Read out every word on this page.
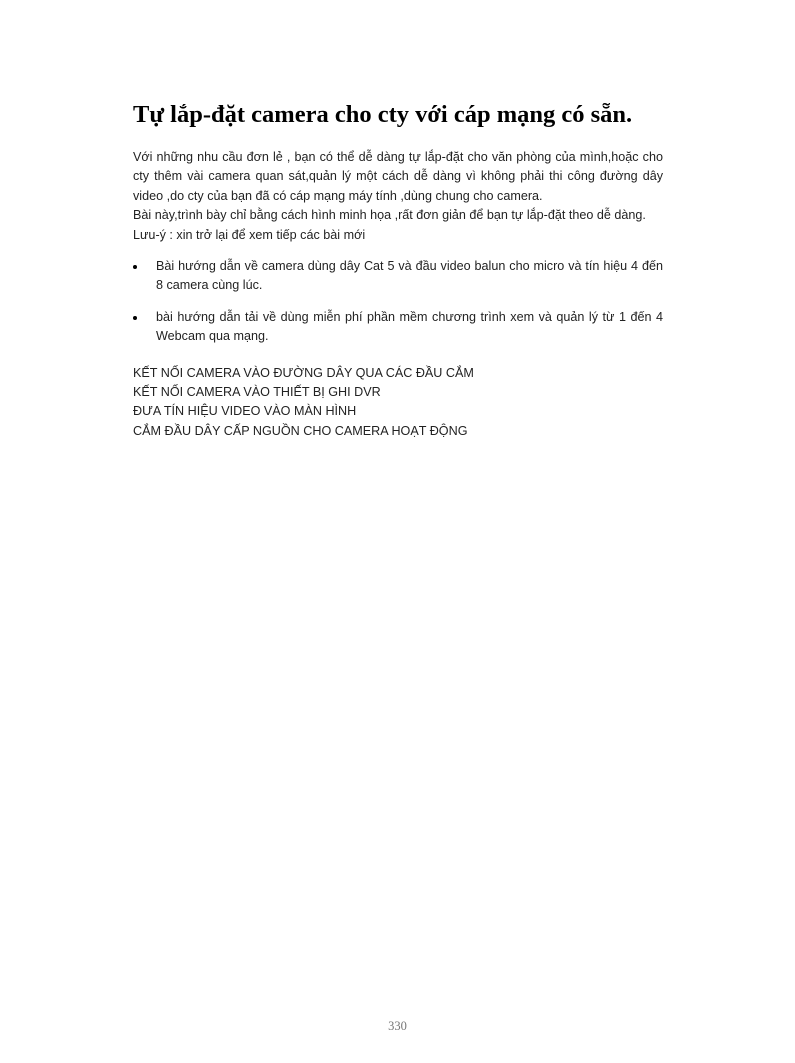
Tự lắp-đặt camera cho cty với cáp mạng có sẵn.

Với những nhu cầu đơn lẻ , bạn có thể dễ dàng tự lắp-đặt cho văn phòng của mình,hoặc cho cty thêm vài camera quan sát,quản lý một cách dễ dàng vì không phải thi công đường dây video ,do cty của bạn đã có cáp mạng máy tính ,dùng chung cho camera.

Bài này,trình bày chỉ bằng cách hình minh họa ,rất đơn giản để bạn tự lắp-đặt theo dễ dàng.

Lưu-ý : xin trở lại để xem tiếp các bài mới

Bài hướng dẫn về camera dùng dây Cat 5 và đầu video balun cho micro và tín hiệu 4 đến 8 camera cùng lúc.
bài hướng dẫn tải về dùng miễn phí phần mềm chương trình xem và quản lý từ 1 đến 4 Webcam qua mạng.

KẾT NỐI CAMERA VÀO ĐƯỜNG DÂY QUA CÁC ĐẦU CẮM

KẾT NỐI CAMERA VÀO THIẾT BỊ GHI DVR

ĐƯA TÍN HIỆU VIDEO VÀO MÀN HÌNH

CẮM ĐẦU DÂY CẤP NGUỒN CHO CAMERA HOẠT ĐỘNG

330
